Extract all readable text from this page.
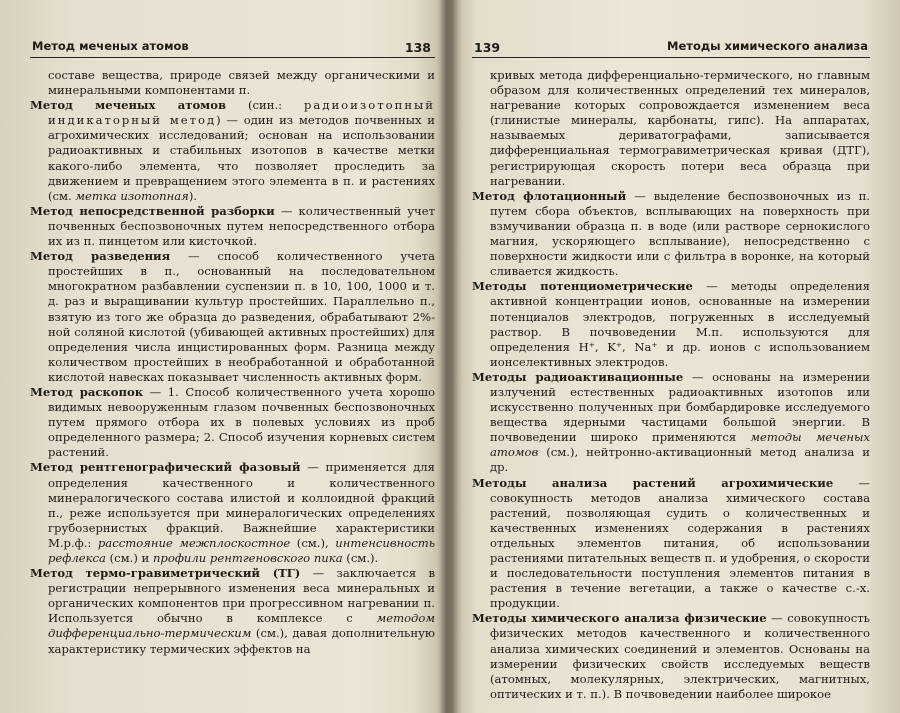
Метод меченых атомов	138

составе вещества, природе связей между органическими и минеральными компонентами п.

Метод меченых атомов (син.: радиоизотопный индикаторный метод) — один из методов почвенных и агрохимических исследований; основан на использовании радиоактивных и стабильных изотопов в качестве метки какого-либо элемента, что позволяет проследить за движением и превращением этого элемента в п. и растениях (см. метка изотопная).

Метод непосредственной разборки — количественный учет почвенных беспозвоночных путем непосредственного отбора их из п. пинцетом или кисточкой.

Метод разведения — способ количественного учета простейших в п., основанный на последовательном многократном разбавлении суспензии п. в 10, 100, 1000 и т. д. раз и выращивании культур простейших. Параллельно п., взятую из того же образца до разведения, обрабатывают 2%-ной соляной кислотой (убивающей активных простейших) для определения числа инцистированных форм. Разница между количеством простейших в необработанной и обработанной кислотой навесках показывает численность активных форм.

Метод раскопок — 1. Способ количественного учета хорошо видимых невооруженным глазом почвенных беспозвоночных путем прямого отбора их в полевых условиях из проб определенного размера; 2. Способ изучения корневых систем растений.

Метод рентгенографический фазовый — применяется для определения качественного и количественного минералогического состава илистой и коллоидной фракций п., реже используется при минералогических определениях грубозернистых фракций. Важнейшие характеристики М.р.ф.: расстояние межплоскостное (см.), интенсивность рефлекса (см.) и профили рентгеновского пика (см.).

Метод термо-гравиметрический (ТГ) — заключается в регистрации непрерывного изменения веса минеральных и органических компонентов при прогрессивном нагревании п. Используется обычно в комплексе с методом дифференциально-термическим (см.), давая дополнительную характеристику термических эффектов на

139	Методы химического анализа

кривых метода дифференциально-термического, но главным образом для количественных определений тех минералов, нагревание которых сопровождается изменением веса (глинистые минералы, карбонаты, гипс). На аппаратах, называемых дериватографами, записывается дифференциальная термогравиметрическая кривая (ДТГ), регистрирующая скорость потери веса образца при нагревании.

Метод флотационный — выделение беспозвоночных из п. путем сбора объектов, всплывающих на поверхность при взмучивании образца п. в воде (или растворе сернокислого магния, ускоряющего всплывание), непосредственно с поверхности жидкости или с фильтра в воронке, на который сливается жидкость.

Методы потенциометрические — методы определения активной концентрации ионов, основанные на измерении потенциалов электродов, погруженных в исследуемый раствор. В почвоведении М.п. используются для определения H⁺, K⁺, Na⁺ и др. ионов с использованием ионселективных электродов.

Методы радиоактивационные — основаны на измерении излучений естественных радиоактивных изотопов или искусственно полученных при бомбардировке исследуемого вещества ядерными частицами большой энергии. В почвоведении широко применяются методы меченых атомов (см.), нейтронно-активационный метод анализа и др.

Методы анализа растений агрохимические — совокупность методов анализа химического состава растений, позволяющая судить о количественных и качественных изменениях содержания в растениях отдельных элементов питания, об использовании растениями питательных веществ п. и удобрения, о скорости и последовательности поступления элементов питания в растения в течение вегетации, а также о качестве с.-х. продукции.

Методы химического анализа физические — совокупность физических методов качественного и количественного анализа химических соединений и элементов. Основаны на измерении физических свойств исследуемых веществ (атомных, молекулярных, электрических, магнитных, оптических и т. п.). В почвоведении наиболее широкое
